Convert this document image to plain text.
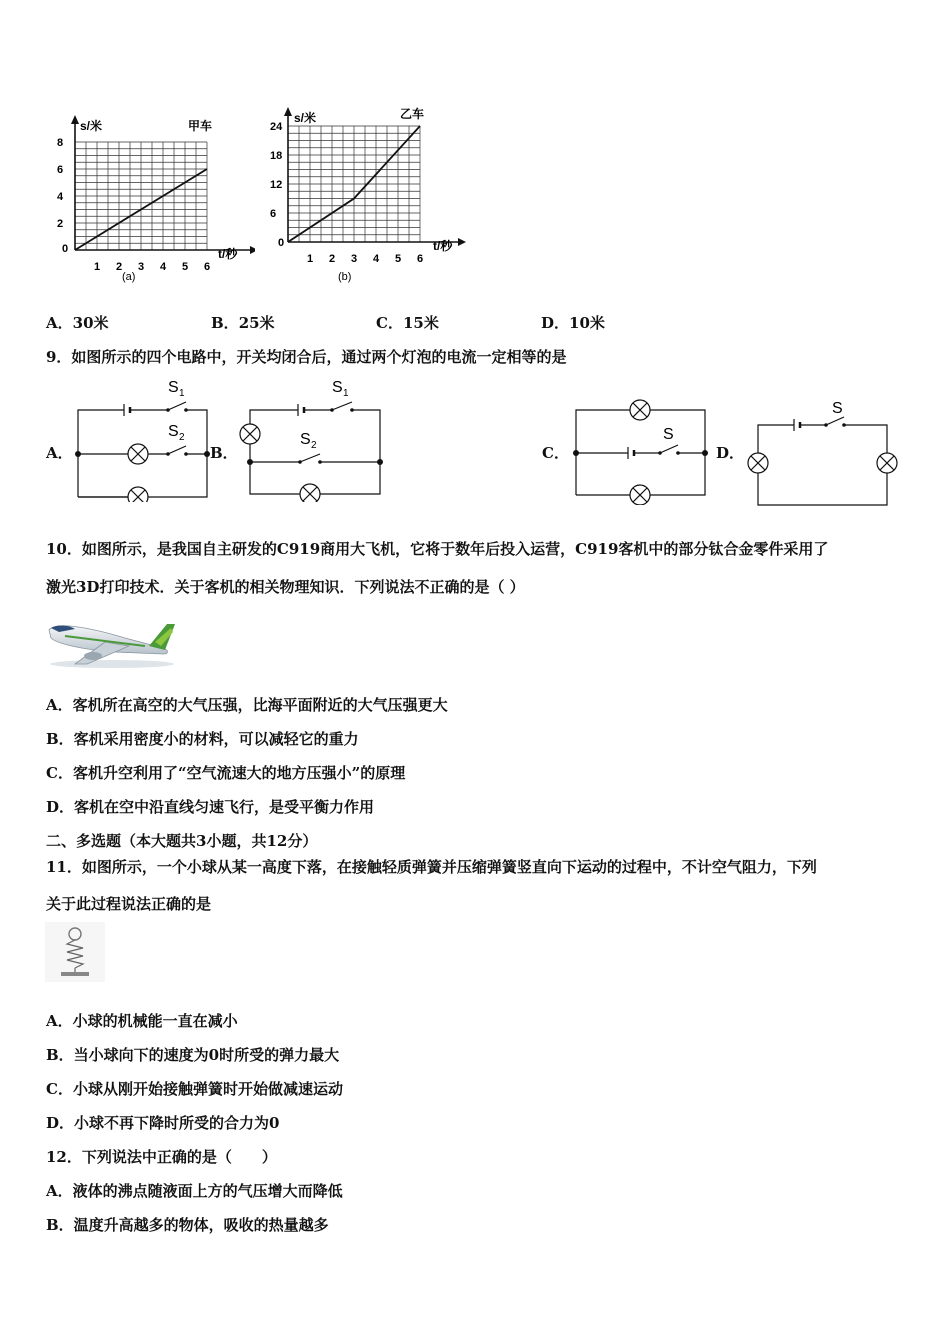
s/米	甲车
0
2
4
6
8
1 2 3 4 5 6
t/秒
(a)
s/米	乙车
0
6
12
18
24
1 2 3 4 5 6
t/秒
(b)
A．30米	B．25米	C．15米	D．10米
9．如图所示的四个电路中，开关均闭合后，通过两个灯泡的电流一定相等的是
A．	B．	C．	D．
S 1
S 2
S 1
S 2
S
S
10．如图所示，是我国自主研发的C919商用大飞机，它将于数年后投入运营，C919客机中的部分钛合金零件采用了
激光3D打印技术．关于客机的相关物理知识．下列说法不正确的是（ ）
A．客机所在高空的大气压强，比海平面附近的大气压强更大
B．客机采用密度小的材料，可以减轻它的重力
C．客机升空利用了“空气流速大的地方压强小”的原理
D．客机在空中沿直线匀速飞行，是受平衡力作用
二、多选题（本大题共3小题，共12分）
11．如图所示，一个小球从某一高度下落，在接触轻质弹簧并压缩弹簧竖直向下运动的过程中，不计空气阻力，下列
关于此过程说法正确的是
A．小球的机械能一直在减小
B．当小球向下的速度为0时所受的弹力最大
C．小球从刚开始接触弹簧时开始做减速运动
D．小球不再下降时所受的合力为0
12．下列说法中正确的是（　　）
A．液体的沸点随液面上方的气压增大而降低
B．温度升高越多的物体，吸收的热量越多
